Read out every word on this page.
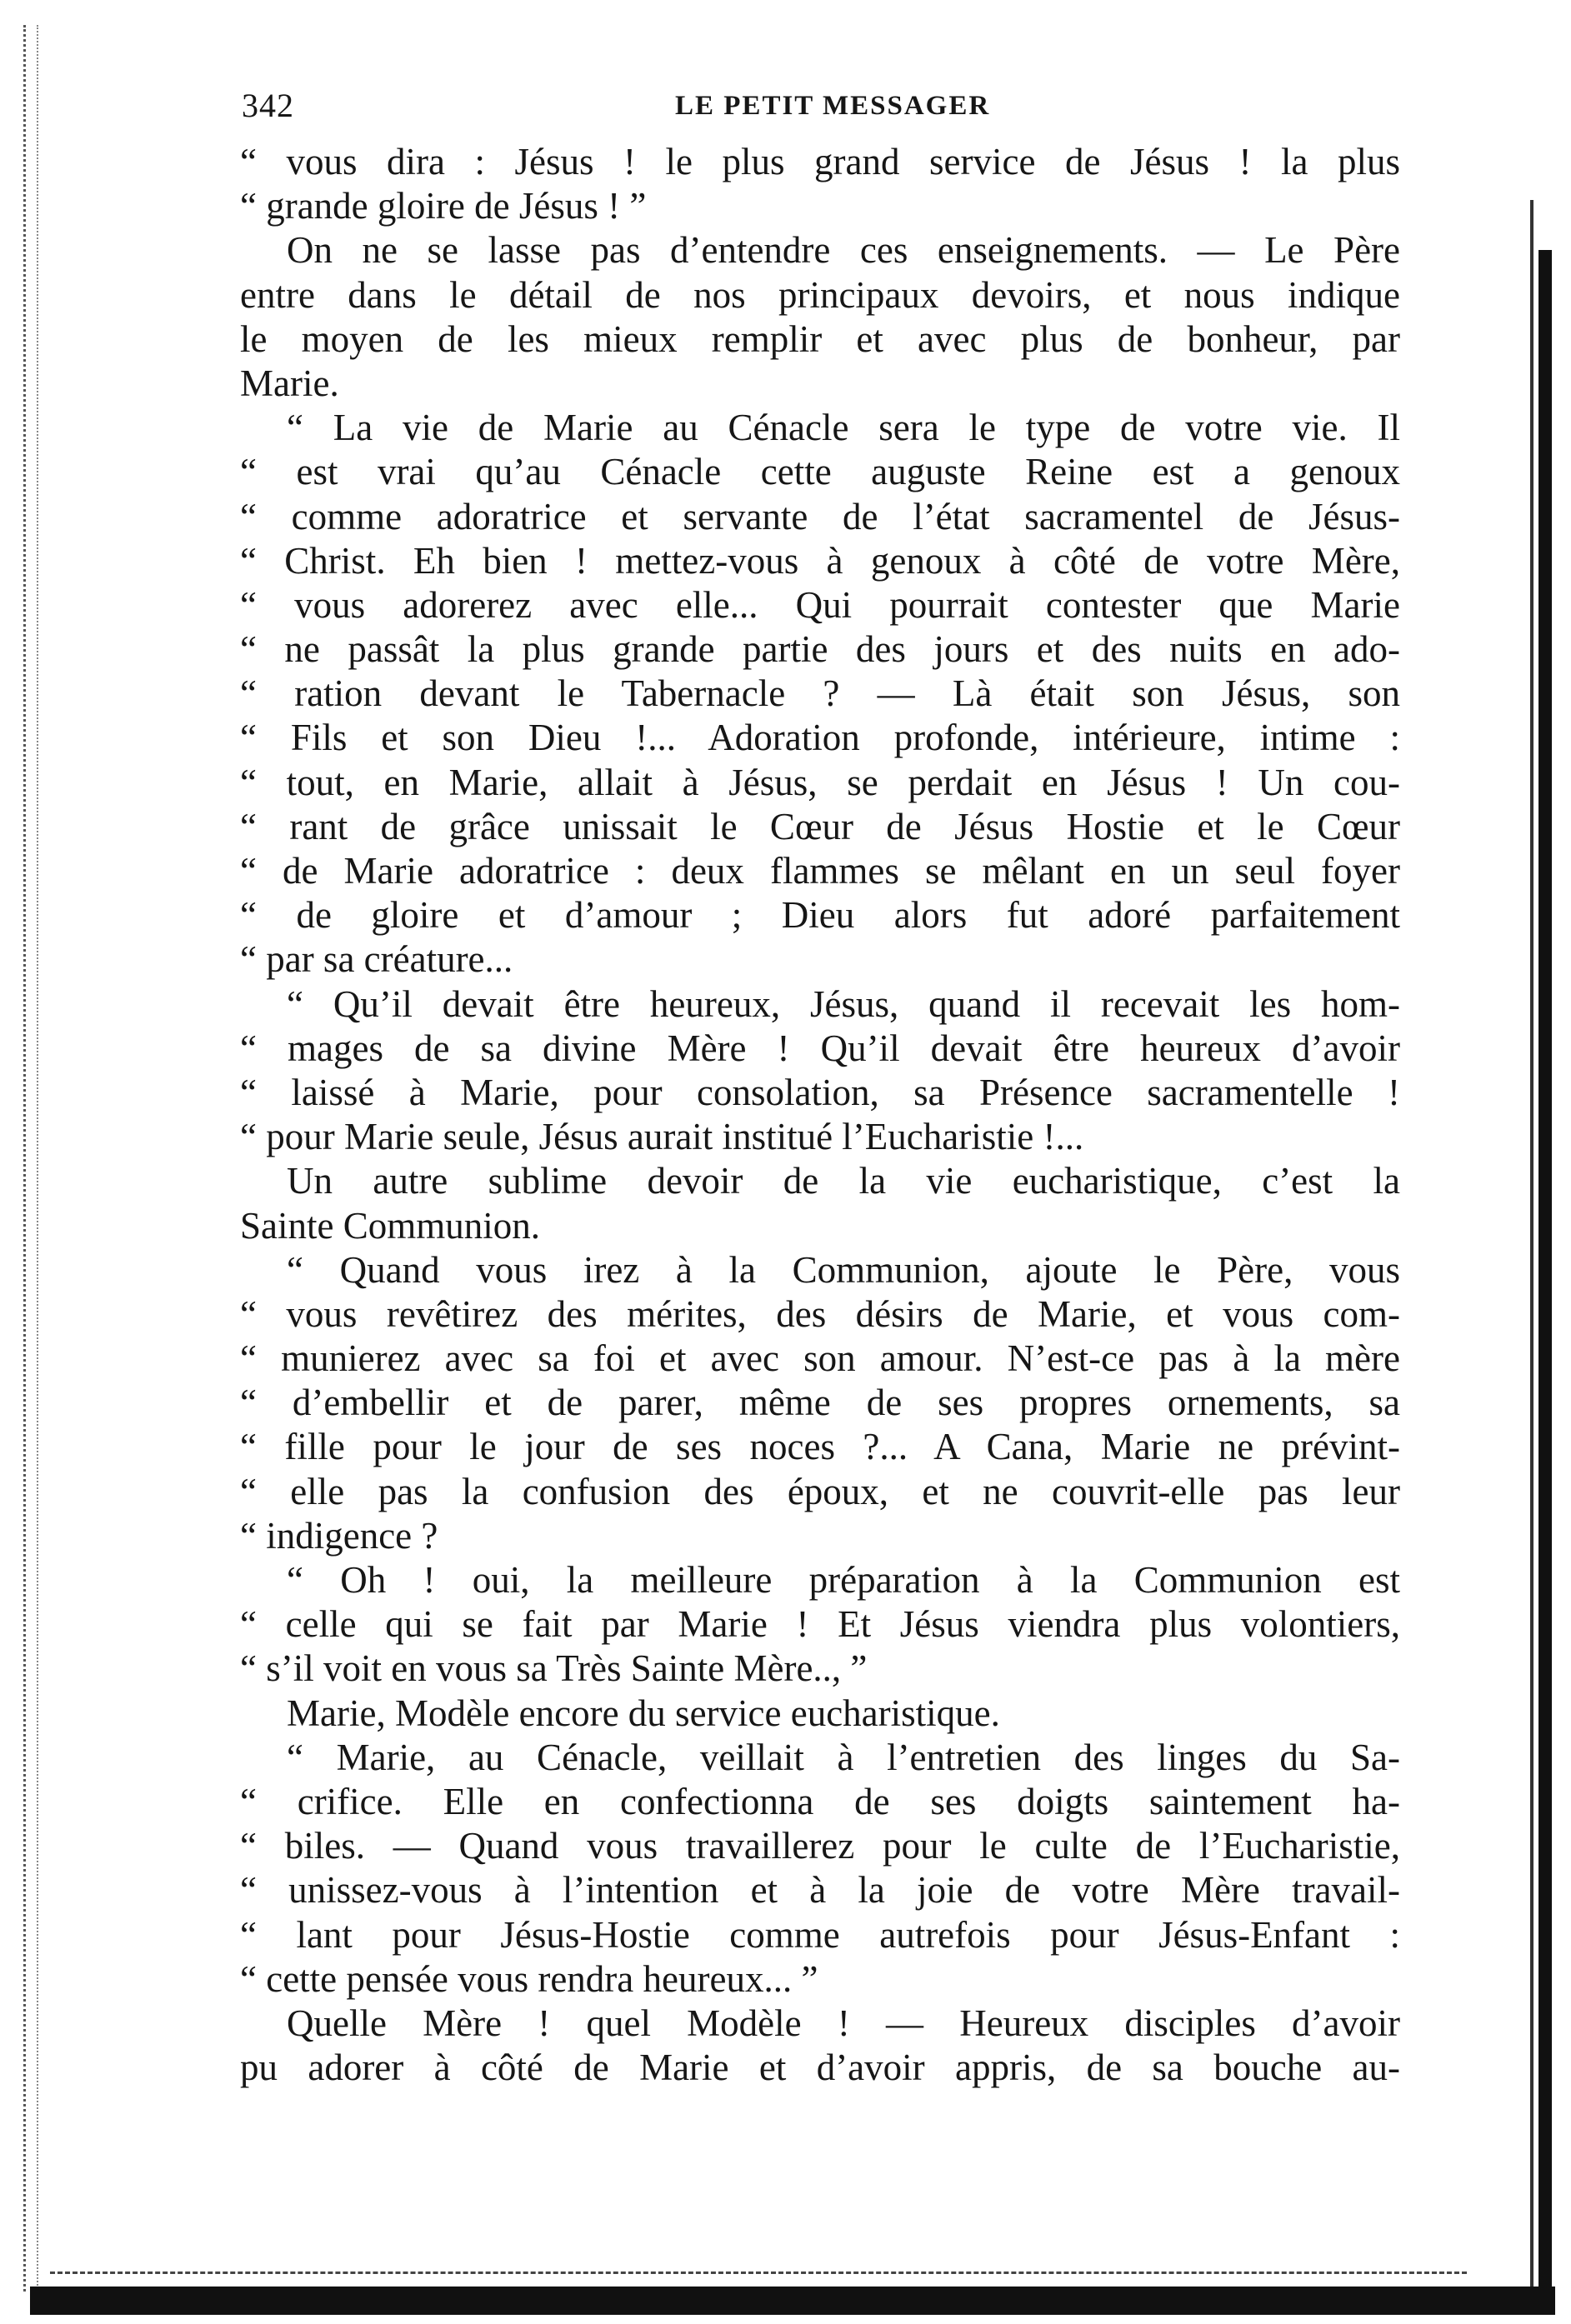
342	LE PETIT MESSAGER
“ vous dira : Jésus ! le plus grand service de Jésus ! la plus
“ grande gloire de Jésus ! ”
On ne se lasse pas d’entendre ces enseignements. — Le Père
entre dans le détail de nos principaux devoirs, et nous indique
le moyen de les mieux remplir et avec plus de bonheur, par
Marie.
“ La vie de Marie au Cénacle sera le type de votre vie. Il
“ est vrai qu’au Cénacle cette auguste Reine est a genoux
“ comme adoratrice et servante de l’état sacramentel de Jésus-
“ Christ. Eh bien ! mettez-vous à genoux à côté de votre Mère,
“ vous adorerez avec elle... Qui pourrait contester que Marie
“ ne passât la plus grande partie des jours et des nuits en ado-
“ ration devant le Tabernacle ? — Là était son Jésus, son
“ Fils et son Dieu !... Adoration profonde, intérieure, intime :
“ tout, en Marie, allait à Jésus, se perdait en Jésus ! Un cou-
“ rant de grâce unissait le Cœur de Jésus Hostie et le Cœur
“ de Marie adoratrice : deux flammes se mêlant en un seul foyer
“ de gloire et d’amour ; Dieu alors fut adoré parfaitement
“ par sa créature...
“ Qu’il devait être heureux, Jésus, quand il recevait les hom-
“ mages de sa divine Mère ! Qu’il devait être heureux d’avoir
“ laissé à Marie, pour consolation, sa Présence sacramentelle !
“ pour Marie seule, Jésus aurait institué l’Eucharistie !...
Un autre sublime devoir de la vie eucharistique, c’est la
Sainte Communion.
“ Quand vous irez à la Communion, ajoute le Père, vous
“ vous revêtirez des mérites, des désirs de Marie, et vous com-
“ munierez avec sa foi et avec son amour. N’est-ce pas à la mère
“ d’embellir et de parer, même de ses propres ornements, sa
“ fille pour le jour de ses noces ?... A Cana, Marie ne prévint-
“ elle pas la confusion des époux, et ne couvrit-elle pas leur
“ indigence ?
“ Oh ! oui, la meilleure préparation à la Communion est
“ celle qui se fait par Marie ! Et Jésus viendra plus volontiers,
“ s’il voit en vous sa Très Sainte Mère.., ”
Marie, Modèle encore du service eucharistique.
“ Marie, au Cénacle, veillait à l’entretien des linges du Sa-
“ crifice. Elle en confectionna de ses doigts saintement ha-
“ biles. — Quand vous travaillerez pour le culte de l’Eucharistie,
“ unissez-vous à l’intention et à la joie de votre Mère travail-
“ lant pour Jésus-Hostie comme autrefois pour Jésus-Enfant :
“ cette pensée vous rendra heureux... ”
Quelle Mère ! quel Modèle ! — Heureux disciples d’avoir
pu adorer à côté de Marie et d’avoir appris, de sa bouche au-
